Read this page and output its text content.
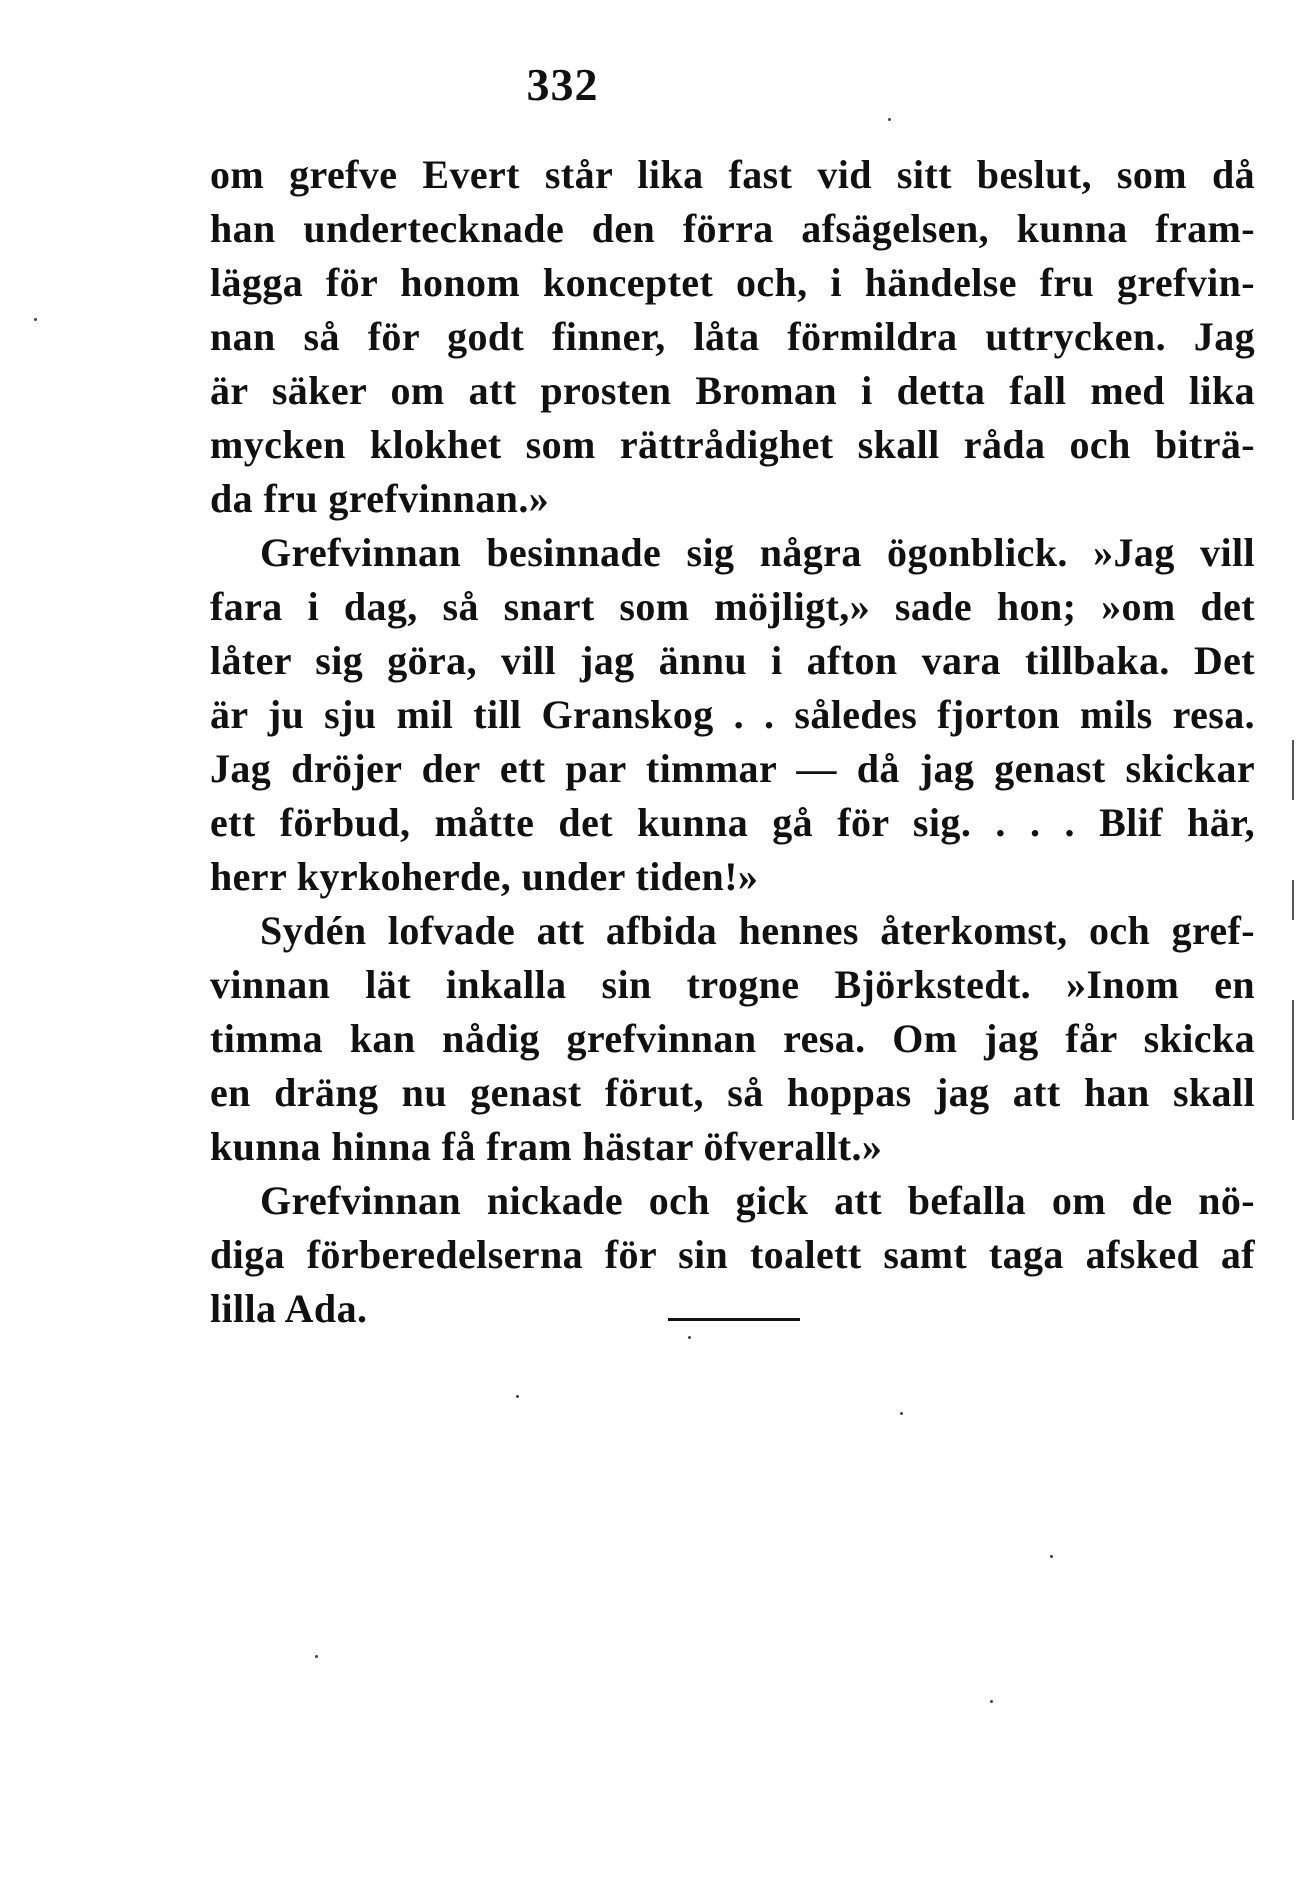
332
om grefve Evert står lika fast vid sitt beslut, som då
han undertecknade den förra afsägelsen, kunna fram-
lägga för honom konceptet och, i händelse fru grefvin-
nan så för godt finner, låta förmildra uttrycken. Jag
är säker om att prosten Broman i detta fall med lika
mycken klokhet som rättrådighet skall råda och biträ-
da fru grefvinnan.»
Grefvinnan besinnade sig några ögonblick. »Jag vill
fara i dag, så snart som möjligt,» sade hon; »om det
låter sig göra, vill jag ännu i afton vara tillbaka. Det
är ju sju mil till Granskog . . således fjorton mils resa.
Jag dröjer der ett par timmar — då jag genast skickar
ett förbud, måtte det kunna gå för sig. . . . Blif här,
herr kyrkoherde, under tiden!»
Sydén lofvade att afbida hennes återkomst, och gref-
vinnan lät inkalla sin trogne Björkstedt. »Inom en
timma kan nådig grefvinnan resa. Om jag får skicka
en dräng nu genast förut, så hoppas jag att han skall
kunna hinna få fram hästar öfverallt.»
Grefvinnan nickade och gick att befalla om de nö-
diga förberedelserna för sin toalett samt taga afsked af
lilla Ada.
